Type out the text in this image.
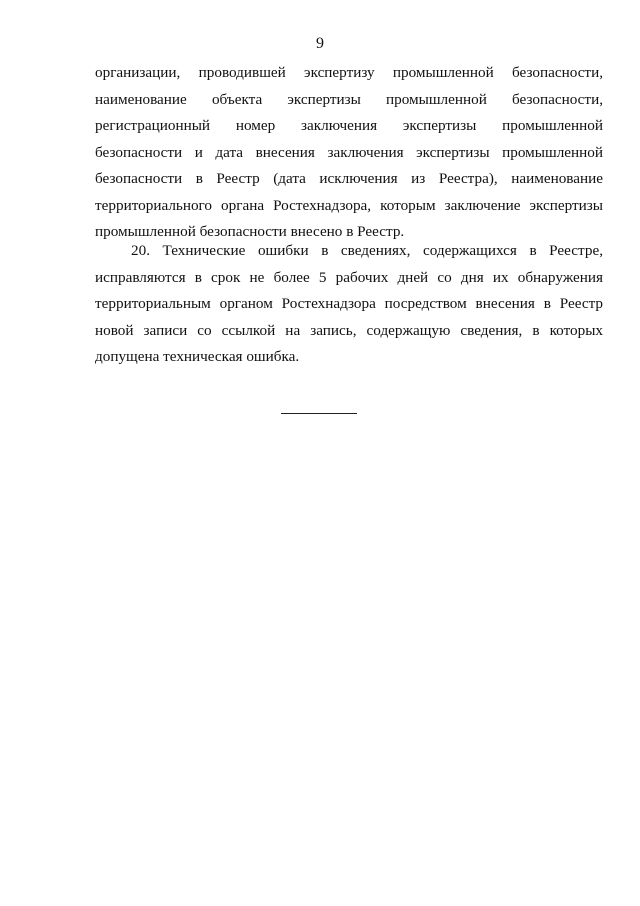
9
организации, проводившей экспертизу промышленной безопасности,
наименование объекта экспертизы промышленной безопасности,
регистрационный номер заключения экспертизы промышленной
безопасности и дата внесения заключения экспертизы промышленной
безопасности в Реестр (дата исключения из Реестра), наименование
территориального органа Ростехнадзора, которым заключение экспертизы
промышленной безопасности внесено в Реестр.
20. Технические ошибки в сведениях, содержащихся в Реестре,
исправляются в срок не более 5 рабочих дней со дня их обнаружения
территориальным органом Ростехнадзора посредством внесения в Реестр
новой записи со ссылкой на запись, содержащую сведения, в которых
допущена техническая ошибка.
